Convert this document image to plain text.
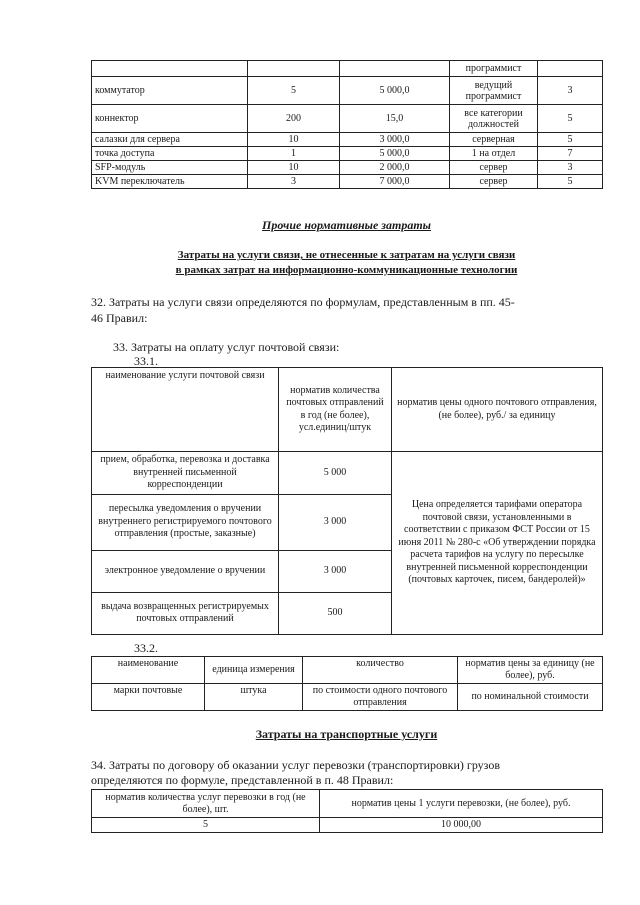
			программист	
коммутатор	5	5 000,0	ведущий программист	3
коннектор	200	15,0	все категории должностей	5
салазки для сервера	10	3 000,0	серверная	5
точка доступа	1	5 000,0	1 на отдел	7
SFP-модуль	10	2 000,0	сервер	3
KVM переключатель	3	7 000,0	сервер	5
Прочие нормативные затраты
Затраты на услуги связи, не отнесенные к затратам на услуги связи
в рамках затрат на информационно-коммуникационные технологии
32. Затраты на услуги связи определяются по формулам, представленным в пп. 45-
46 Правил:
33. Затраты на оплату услуг почтовой связи:
33.1.
наименование услуги почтовой связи	норматив количества почтовых отправлений в год (не более), усл.единиц/штук	норматив цены одного почтового отправления, (не более), руб./ за единицу
прием, обработка, перевозка и доставка внутренней письменной корреспонденции	5 000	Цена определяется тарифами оператора почтовой связи, установленными в соответствии с приказом ФСТ России от 15 июня 2011 № 280-с «Об утверждении порядка расчета тарифов на услугу по пересылке внутренней письменной корреспонденции (почтовых карточек, писем, бандеролей)»
пересылка уведомления о вручении внутреннего регистрируемого почтового отправления (простые, заказные)	3 000	
электронное уведомление о вручении	3 000	
выдача возвращенных регистрируемых почтовых отправлений	500	
33.2.
наименование	единица измерения	количество	норматив цены за единицу (не более), руб.
марки почтовые	штука	по стоимости одного почтового отправления	по номинальной стоимости
Затраты на транспортные услуги
34. Затраты по договору об оказании услуг перевозки (транспортировки) грузов
определяются по формуле, представленной в п. 48 Правил:
норматив количества услуг перевозки в год (не более), шт.	норматив цены 1 услуги перевозки, (не более), руб.
5	10 000,00
